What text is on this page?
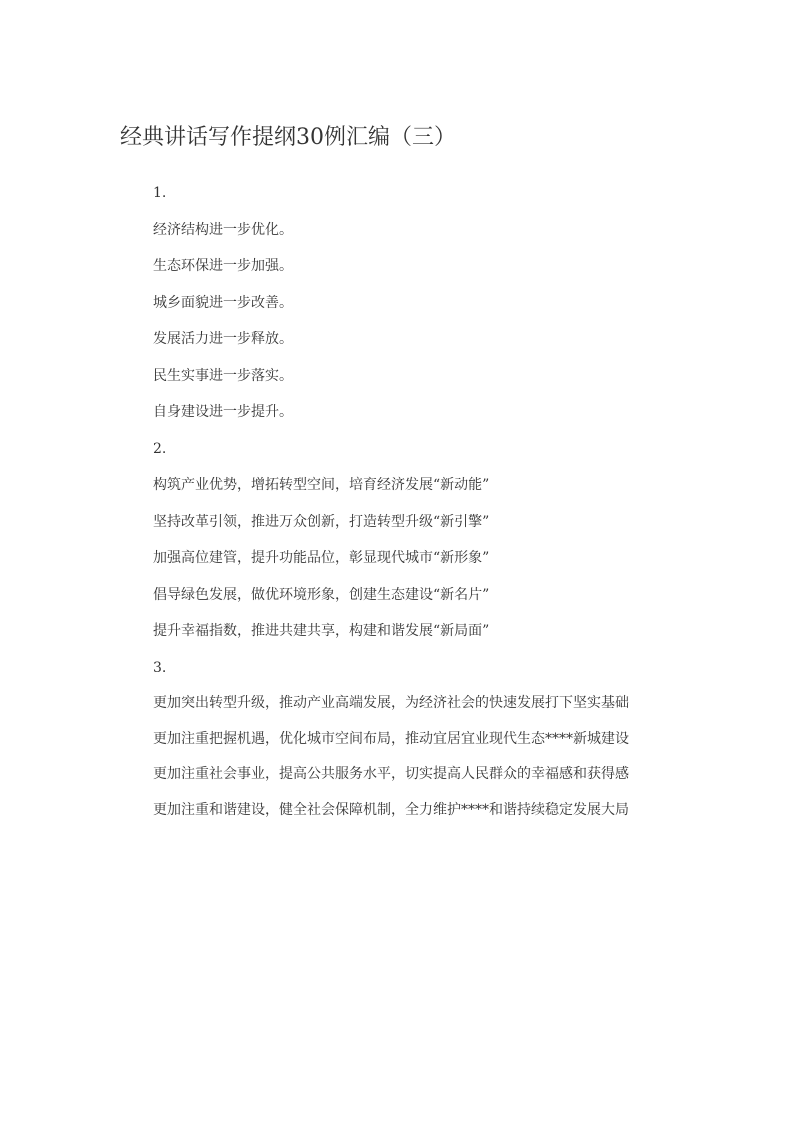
经典讲话写作提纲30例汇编（三）

1.

经济结构进一步优化。

生态环保进一步加强。

城乡面貌进一步改善。

发展活力进一步释放。

民生实事进一步落实。

自身建设进一步提升。

2.

构筑产业优势，增拓转型空间，培育经济发展“新动能”

坚持改革引领，推进万众创新，打造转型升级“新引擎”

加强高位建管，提升功能品位，彰显现代城市“新形象”

倡导绿色发展，做优环境形象，创建生态建设“新名片”

提升幸福指数，推进共建共享，构建和谐发展“新局面”

3.

更加突出转型升级，推动产业高端发展，为经济社会的快速发展打下坚实基础

更加注重把握机遇，优化城市空间布局，推动宜居宜业现代生态****新城建设

更加注重社会事业，提高公共服务水平，切实提高人民群众的幸福感和获得感

更加注重和谐建设，健全社会保障机制，全力维护****和谐持续稳定发展大局
